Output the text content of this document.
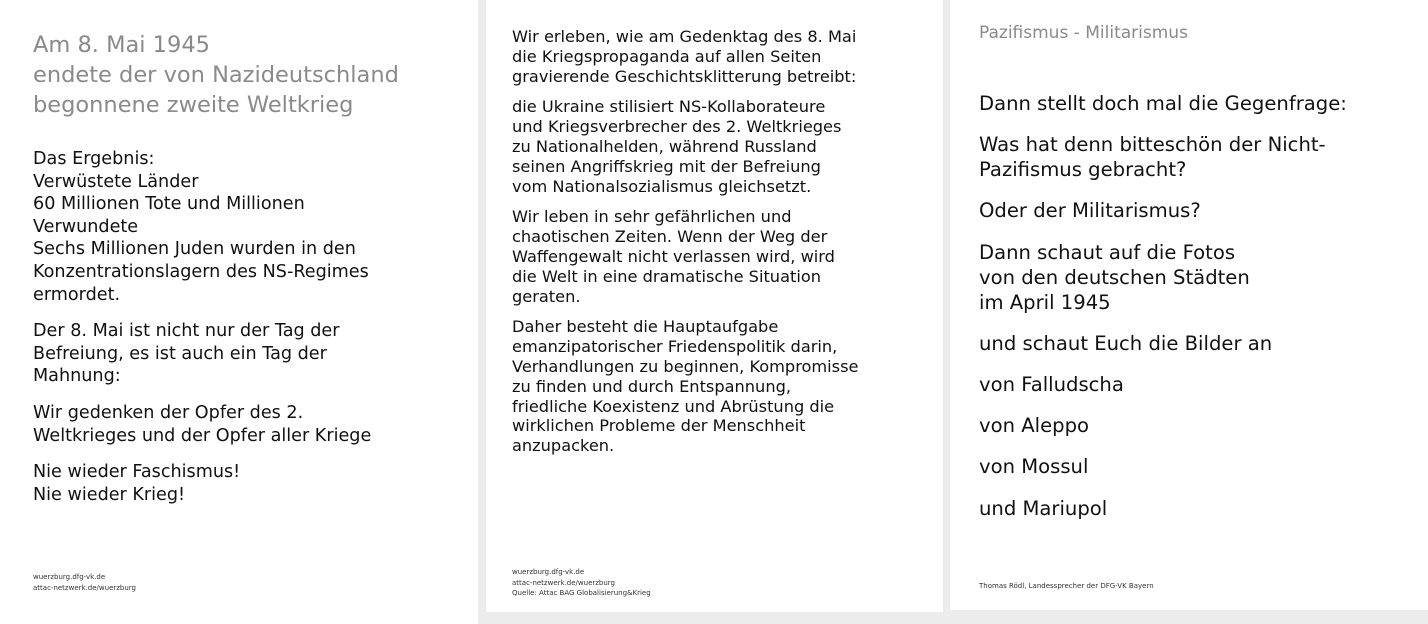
Am 8. Mai 1945
endete der von Nazideutschland
begonnene zweite Weltkrieg

Das Ergebnis:
Verwüstete Länder
60 Millionen Tote und Millionen
Verwundete
Sechs Millionen Juden wurden in den
Konzentrationslagern des NS-Regimes
ermordet.

Der 8. Mai ist nicht nur der Tag der
Befreiung, es ist auch ein Tag der
Mahnung:

Wir gedenken der Opfer des 2.
Weltkrieges und der Opfer aller Kriege

Nie wieder Faschismus!
Nie wieder Krieg!

wuerzburg.dfg-vk.de
attac-netzwerk.de/wuerzburg

Wir erleben, wie am Gedenktag des 8. Mai
die Kriegspropaganda auf allen Seiten
gravierende Geschichtsklitterung betreibt:

die Ukraine stilisiert NS-Kollaborateure
und Kriegsverbrecher des 2. Weltkrieges
zu Nationalhelden, während Russland
seinen Angriffskrieg mit der Befreiung
vom Nationalsozialismus gleichsetzt.

Wir leben in sehr gefährlichen und
chaotischen Zeiten. Wenn der Weg der
Waffengewalt nicht verlassen wird, wird
die Welt in eine dramatische Situation
geraten.

Daher besteht die Hauptaufgabe
emanzipatorischer Friedenspolitik darin,
Verhandlungen zu beginnen, Kompromisse
zu finden und durch Entspannung,
friedliche Koexistenz und Abrüstung die
wirklichen Probleme der Menschheit
anzupacken.

wuerzburg.dfg-vk.de
attac-netzwerk.de/wuerzburg
Quelle: Attac BAG Globalisierung&Krieg
Pazifismus - Militarismus

Dann stellt doch mal die Gegenfrage:

Was hat denn bitteschön der Nicht-
Pazifismus gebracht?

Oder der Militarismus?

Dann schaut auf die Fotos
von den deutschen Städten
im April 1945

und schaut Euch die Bilder an

von Falludscha

von Aleppo

von Mossul

und Mariupol

Thomas Rödl, Landessprecher der DFG-VK Bayern
